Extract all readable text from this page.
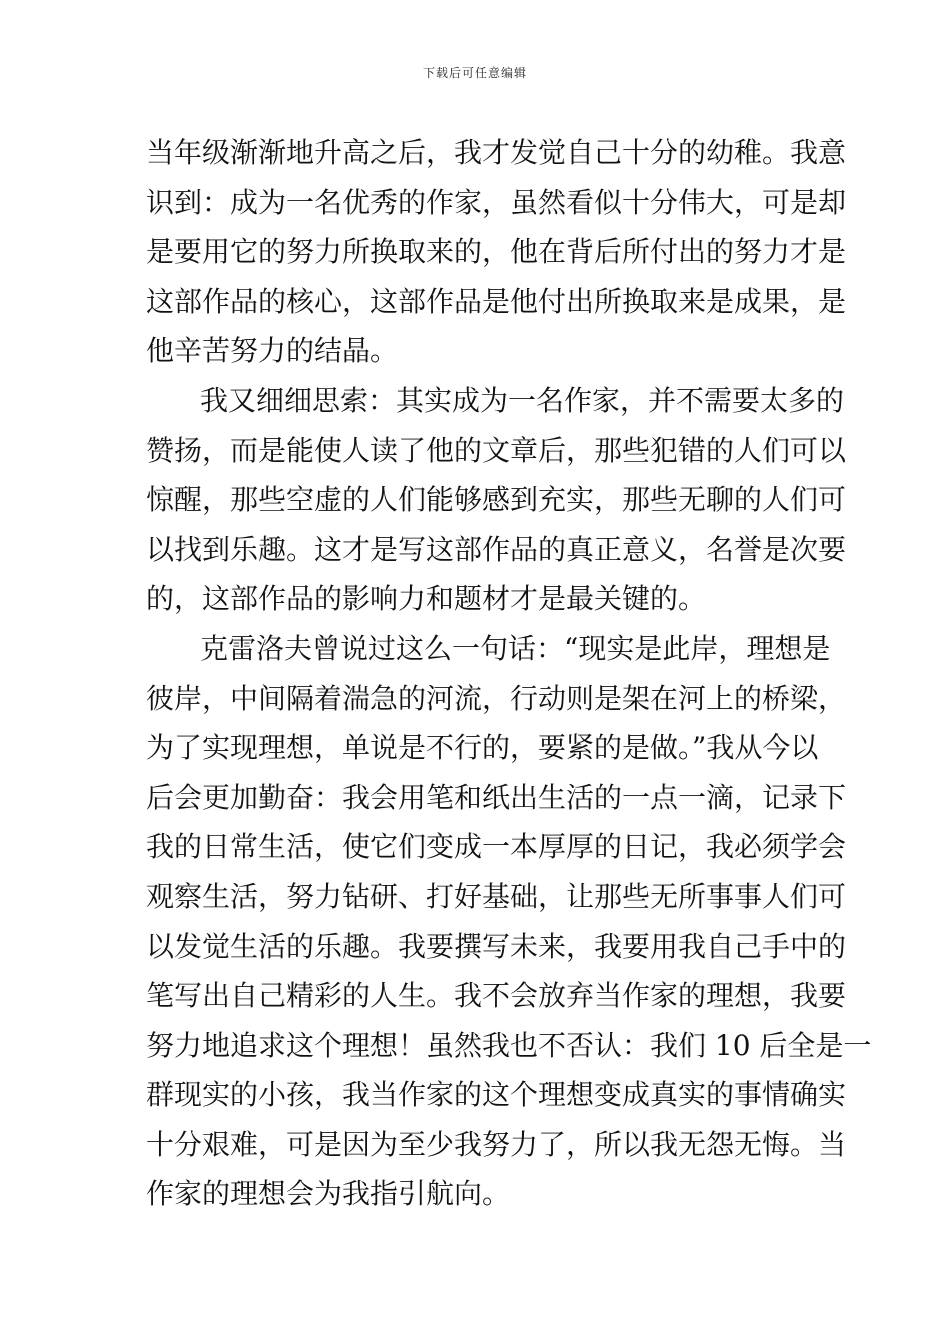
下载后可任意编辑
当年级渐渐地升高之后，我才发觉自己十分的幼稚。我意
识到：成为一名优秀的作家，虽然看似十分伟大，可是却
是要用它的努力所换取来的，他在背后所付出的努力才是
这部作品的核心，这部作品是他付出所换取来是成果，是
他辛苦努力的结晶。
我又细细思索：其实成为一名作家，并不需要太多的
赞扬，而是能使人读了他的文章后，那些犯错的人们可以
惊醒，那些空虚的人们能够感到充实，那些无聊的人们可
以找到乐趣。这才是写这部作品的真正意义，名誉是次要
的，这部作品的影响力和题材才是最关键的。
克雷洛夫曾说过这么一句话：“现实是此岸，理想是
彼岸，中间隔着湍急的河流，行动则是架在河上的桥梁，
为了实现理想，单说是不行的，要紧的是做。”我从今以
后会更加勤奋：我会用笔和纸出生活的一点一滴，记录下
我的日常生活，使它们变成一本厚厚的日记，我必须学会
观察生活，努力钻研、打好基础，让那些无所事事人们可
以发觉生活的乐趣。我要撰写未来，我要用我自己手中的
笔写出自己精彩的人生。我不会放弃当作家的理想，我要
努力地追求这个理想！虽然我也不否认：我们 10 后全是一
群现实的小孩，我当作家的这个理想变成真实的事情确实
十分艰难，可是因为至少我努力了，所以我无怨无悔。当
作家的理想会为我指引航向。
